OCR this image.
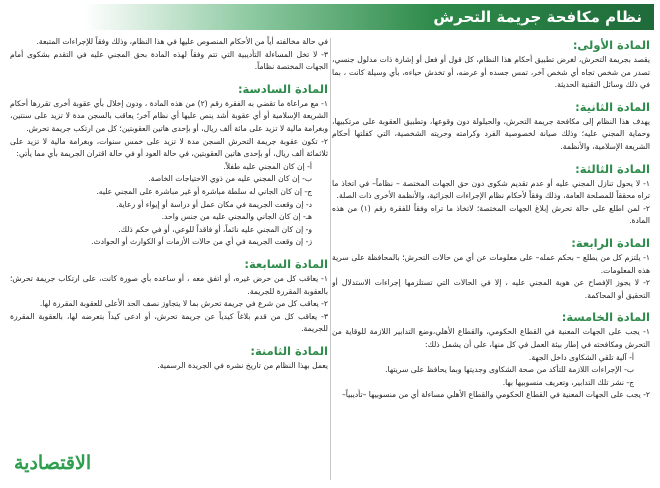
نظام مكافحة جريمة التحرش
المادة الأولى:

يقصد بجريمة التحرش، لغرض تطبيق أحكام هذا النظام، كل قول أو فعل أو إشارة ذات مدلول جنسي، تصدر من شخص تجاه أي شخص آخر، تمس جسده أو عرضه، أو تخدش حياءه، بأي وسيلة كانت ، بما في ذلك وسائل التقنية الحديثة.

المادة الثانية:

يهدف هذا النظام إلى مكافحة جريمة التحرش، والحيلولة دون وقوعها، وتطبيق العقوبة على مرتكبيها، وحماية المجني عليه؛ وذلك صيانة لخصوصية الفرد وكرامته وحريته الشخصية، التي كفلتها أحكام الشريعة الإسلامية، والأنظمة.

المادة الثالثة:

١- لا يحول تنازل المجني عليه أو عدم تقديم شكوى دون حق الجهات المختصة – نظاماً– في اتخاذ ما تراه محققاً للمصلحة العامة، وذلك وفقاً لأحكام نظام الإجراءات الجزائية، والأنظمة الأخرى ذات الصلة.

٢- لمن اطلع على حالة تحرش إبلاغ الجهات المختصة؛ لاتخاذ ما تراه وفقاً للفقرة رقم (١) من هذه المادة.

المادة الرابعة:

١- يلتزم كل من يطلع – بحكم عمله– على معلومات عن أي من حالات التحرش؛ بالمحافظة على سرية هذه المعلومات.

٢- لا يجوز الإفصاح عن هوية المجني عليه ، إلا في الحالات التي تستلزمها إجراءات الاستدلال أو التحقيق أو المحاكمة.

المادة الخامسة:

١- يجب على الجهات المعنية في القطاع الحكومي، والقطاع الأهلي،وضع التدابير اللازمة للوقاية من التحرش ومكافحته في إطار بيئة العمل في كل منها، على أن يشمل ذلك:

أ- آلية تلقي الشكاوى داخل الجهة.

ب- الإجراءات اللازمة للتأكد من صحة الشكاوى وجديتها وبما يحافظ على سريتها.

ج- نشر تلك التدابير، وتعريف منسوبيها بها.

٢- يجب على الجهات المعنية في القطاع الحكومي والقطاع الأهلي مساءلة أي من منسوبيها –تأديبياً–

في حالة مخالفته أياً من الأحكام المنصوص عليها في هذا النظام، وذلك وفقاً للإجراءات المتبعة.

٣- لا تخل المساءلة التأديبية التي تتم وفقاً لهذه المادة بحق المجني عليه في التقدم بشكوى أمام الجهات المختصة نظاماً.

المادة السادسة:

١- مع مراعاة ما تقضي به الفقرة رقم (٢) من هذه المادة ، ودون إخلال بأي عقوبة أخرى تقررها أحكام الشريعة الإسلامية أو أي عقوبة أشد ينص عليها أي نظام آخر؛ يعاقب بالسجن مدة لا تزيد على سنتين، وبغرامة مالية لا تزيد على مائة ألف ريال، أو بإحدى هاتين العقوبتين؛ كل من ارتكب جريمة تحرش.

٢- تكون عقوبة جريمة التحرش السجن مدة لا تزيد على خمس سنوات، وبغرامة مالية لا تزيد على ثلاثمائة ألف ريال، أو بإحدى هاتين العقوبتين، في حالة العود أو في حالة اقتران الجريمة بأي مما يأتي:

أ- إن كان المجني عليه طفلاً.

ب- إن كان المجني عليه من ذوي الاحتياجات الخاصة.

ج- إن كان الجاني له سلطة مباشرة أو غير مباشرة على المجني عليه.

د- إن وقعت الجريمة في مكان عمل أو دراسة أو إيواء أو رعاية.

هـ- إن كان الجاني والمجني عليه من جنس واحد.

و- إن كان المجني عليه نائماً، أو فاقداً للوعي، أو في حكم ذلك.

ز- إن وقعت الجريمة في أي من حالات الأزمات أو الكوارث أو الحوادث.

المادة السابعة:

١- يعاقب كل من حرض غيره، أو اتفق معه ، أو ساعده بأي صورة كانت، على ارتكاب جريمة تحرش؛ بالعقوبة المقررة للجريمة.

٢- يعاقب كل من شرع في جريمة تحرش بما لا يتجاوز نصف الحد الأعلى للعقوبة المقررة لها.

٣- يعاقب كل من قدم بلاغاً كيدياً عن جريمة تحرش، أو ادعى كيداً بتعرضه لها، بالعقوبة المقررة للجريمة.

المادة الثامنة:

يعمل بهذا النظام من تاريخ نشره في الجريدة الرسمية.

الاقتصادية
